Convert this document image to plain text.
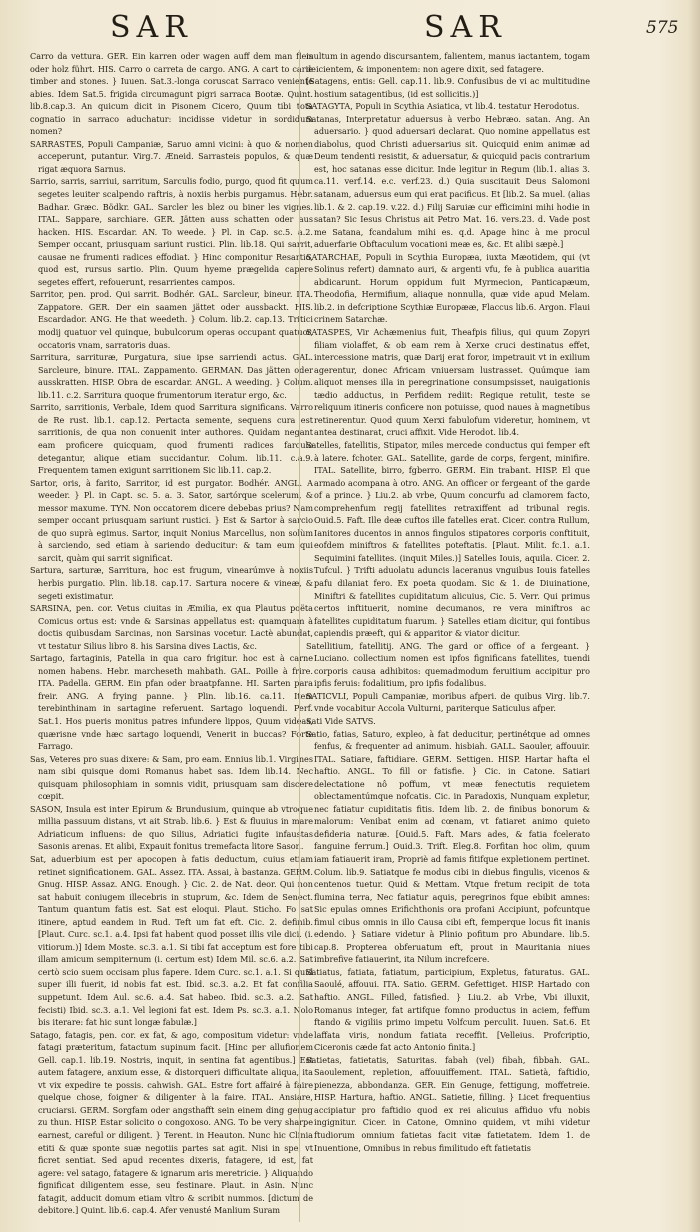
SAR	SAR	575

Carro da vettura. GER. Ein karren oder wagen auff dem man fleis oder holz führt. HIS. Carro o carreta de cargo. ANG. A cart to carie timber and stones. } Iuuen. Sat.3.-longa coruscat Sarraco veniente abies. Idem Sat.5. frigida circumagunt pigri sarraca Bootæ. Quint. lib.8.cap.3. An quicum dicit in Pisonem Cicero, Quum tibi tota cognatio in sarraco aduchatur: incidisse videtur in sordidum nomen?

SARRASTES, Populi Campaniæ, Saruo amni vicini: à quo & nomen acceperunt, putantur. Virg.7. Æneid. Sarrasteis populos, & quæ rigat æquora Sarnus.

Sarrio, sarris, sarriui, sarritum, Sarculis fodio, purgo, quod fit quum segetes leuiter scalpendo raftris, à noxiis herbis purgamus. Hebr. Badhar. Græc. Bödkr. GAL. Sarcler les blez ou biner les vignes. ITAL. Sappare, sarchiare. GER. Jätten auss schatten oder aus hacken. HIS. Escardar. AN. To weede. } Pl. in Cap. sc.5. a.2. Semper occant, priusquam sariunt rustici. Plin. lib.18. Qui sarrit, causae ne frumenti radices effodiat. } Hinc componitur Resartio, quod est, rursus sartio. Plin. Quum hyeme prægelida capere segetes effert, refouerunt, resarrientes campos.

Sarritor, pen. prod. Qui sarrit. Bodhér. GAL. Sarcleur, bineur. ITA. Zappatore. GER. Der ein saamen jättet oder aussbackt. HIS. Escardador. ANG. He that weedeth. } Colum. lib.2. cap.13. Tritici modij quatuor vel quinque, bubulcorum operas occupant quatuor, occatoris vnam, sarratoris duas.

Sarritura, sarrituræ, Purgatura, siue ipse sarriendi actus. GAL. Sarcleure, binure. ITAL. Zappamento. GERMAN. Das jätten oder ausskratten. HISP. Obra de escardar. ANGL. A weeding. } Colum. lib.11. c.2. Sarritura quoque frumentorum iteratur ergo, &c.

Sarrito, sarritionis, Verbale, Idem quod Sarritura significans. Varro de Re rust. lib.1. cap.12. Pertacta semente, sequens cura est sarritionis, de qua non conuenit inter authores. Quidam negant eam proficere quicquam, quod frumenti radices farculo detegantur, alique etiam succidantur. Colum. lib.11. c.a.9. Frequentem tamen exigunt sarritionem Sic lib.11. cap.2.

Sartor, oris, à farito, Sarritor, id est purgator. Bodhér. ANGL. A weeder. } Pl. in Capt. sc. 5. a. 3. Sator, sartórque scelerum, & messor maxume. TYN. Non occatorem dicere debebas prius? Nam semper occant priusquam sariunt rustici. } Est & Sartor à sarcio de quo suprà egimus. Sartor, inquit Nonius Marcellus, non solùm à sarciendo, sed etiam à sariendo deducitur: & tam eum qui sarcit, quàm qui sarrit significat.

Sartura, sarturæ, Sarritura, hoc est frugum, vinearúmve à noxiis herbis purgatio. Plin. lib.18. cap.17. Sartura nocere & vineæ, & segeti existimatur.

SARSINA, pen. cor. Vetus ciuitas in Æmilia, ex qua Plautus poëta Comicus ortus est: vnde & Sarsinas appellatus est: quamquam à doctis quibusdam Sarcinas, non Sarsinas vocetur. Lactè abundat, vt testatur Silius libro 8. his Sarsina dives Lactis, &c.

Sartago, fartaginis, Patella in qua caro frigitur. hoc est à carne nomen habens. Hebr. marcheseth mahbath. GAL. Poille à frire. ITA. Padella. GERM. Ein pfan oder braatpfanne. HI. Sarten para freir. ANG. A frying panne. } Plin. lib.16. ca.11. Item terebinthinam in sartagine referuent. Sartago loquendi. Perf. Sat.1. Hos pueris monitus patres infundere lippos, Quum videas, quærisne vnde hæc sartago loquendi, Venerit in buccas? Forte Farrago.

Sas, Veteres pro suas dixere: & Sam, pro eam. Ennius lib.1. Virgines nam sibi quisque domi Romanus habet sas. Idem lib.14. Nec quisquam philosophiam in somnis vidit, priusquam sam discere cœpit.

SASON, Insula est inter Epirum & Brundusium, quinque ab vtroque millia passuum distans, vt ait Strab. lib.6. } Est & fluuius in mare Adriaticum influens: de quo Silius, Adriatici fugite infaustas Sasonis arenas. Et alibi, Expauit fonitus tremefacta litore Sason.

Sat, aduerbium est per apocopen à fatis deductum, cuius etiam retinet significationem. GAL. Assez. ITA. Assai, à bastanza. GERM. Gnug. HISP. Assaz. ANG. Enough. } Cic. 2. de Nat. deor. Qui non sat habuit coniugem illecebris in stuprum, &c. Idem de Senect. Tantum quantum fatis est. Sat est eloqui. Plaut. Sticho. Fo sat itinere, aptud eandem in Rud. Teft um fat eft. Cic. 2. definib. [Plaut. Curc. sc.1. a.4. Ipsi fat habent quod posset illis vile dici. (i. vitiorum.)] Idem Moste. sc.3. a.1. Si tibi fat acceptum est fore tibi illam amicum sempiternum (i. certum est) Idem Mil. sc.6. a.2. Sat certò scio suem occisam plus fapere. Idem Curc. sc.1. a.1. Si quid super illi fuerit, id nobis fat est. Ibid. sc.3. a.2. Et fat confilia suppetunt. Idem Aul. sc.6. a.4. Sat habeo. Ibid. sc.3. a.2. Sat fecisti) Ibid. sc.3. a.1. Vel legioni fat est. Idem Ps. sc.3. a.1. Nolo bis iterare: fat hic sunt longæ fabulæ.]

Satago, fatagis, pen. cor. ex fat, & ago, compositum videtur: vnde fatagi præteritum, fatactum supinum facit. [Hinc per allufionem Gell. cap.1. lib.19. Nostris, inquit, in sentina fat agentibus.] Est autem fatagere, anxium esse, & distorqueri difficultate aliqua, ita vt vix expedire te possis. cahwish. GAL. Estre fort affairé à faire quelque chose, foigner & diligenter à la faire. ITAL. Ansiare, cruciarsi. GERM. Sorgfam oder angsthafft sein einem ding genug zu thun. HISP. Estar solicito o congoxoso. ANG. To be very sharpe earnest, careful or diligent. } Terent. in Heauton. Nunc hic Clinia etiti & quæ sponte suæ negotiis partes sat agit. Nisi in spe, vt ficret sentiat. Sed apud recentes dixeris, fatagere, id est, fat agere: vel satago, fatagere & ignarum aris meretricie. } Aliquando fignificat diligentem esse, seu festinare. Plaut. in Asin. Nunc fatagit, adducit domum etiam vltro & scribit nummos. [dictum de debitore.] Quint. lib.6. cap.4. Afer venusté Manlium Suram

multum in agendo discursantem, falientem, manus iactantem, togam deicientem, & imponentem: non agere dixit, sed fatagere.

[Satagens, entis: Gell. cap.11. lib.9. Confusibus de vi ac multitudine hostium satagentibus, (id est sollicitis.)]

SATAGYTA, Populi in Scythia Asiatica, vt lib.4. testatur Herodotus.

Satanas, Interpretatur aduersus à verbo Hebræo. satan. Ang. An aduersario. } quod aduersari declarat. Quo nomine appellatus est diabolus, quod Christi aduersarius sit. Quicquid enim animæ ad Deum tendenti resistit, & aduersatur, & quicquid pacis contrarium est, hoc satanas esse dicitur. Inde legitur in Regum (lib.1. alias 3. ca.11. verf.14. e.c. verf.23. d.) Quia suscitauit Deus Salomoni satanam, aduersus eum qui erat pacificus. Et [lib.2. Sa muel. (alias lib.1. & 2. cap.19. v.22. d.) Filij Saruiæ cur efficimini mihi hodie in satan? Sic Iesus Christus ait Petro Mat. 16. vers.23. d. Vade post me Satana, fcandalum mihi es. q.d. Apage hinc à me procul aduerfarie Obftaculum vocationi meæ es, &c. Et alibi sæpè.]

SATARCHAE, Populi in Scythia Europæa, iuxta Mæotidem, qui (vt Solinus refert) damnato auri, & argenti vfu, fe à publica auaritia abdicarunt. Horum oppidum fuit Myrmecion, Panticapæum, Theodofia, Hermifium, aliaque nonnulla, quæ vide apud Melam. lib.2. in defcriptione Scythiæ Europææ, Flaccus lib.6. Argon. Flaui crinem Satarchæ.

SATASPES, Vir Achæmenius fuit, Theafpis filius, qui quum Zopyri filiam violaffet, & ob eam rem à Xerxe cruci destinatus effet, intercessione matris, quæ Darij erat foror, impetrauit vt in exilium agerentur, donec Africam vniuersam lustrasset. Quúmque iam aliquot menses illa in peregrinatione consumpsisset, nauigationis tædio adductus, in Perfidem rediit: Regique retulit, teste se reliquum itineris conficere non potuisse, quod naues à magnetibus retinerentur. Quod quum Xerxi fabulofum videretur, hominem, vt antea destinarat, cruci affixit. Vide Herodot. lib.4.

Satelles, fatellitis, Stipator, miles mercede conductus qui femper eft à latere. fchoter. GAL. Satellite, garde de corps, fergent, minifire. ITAL. Satellite, birro, fgberro. GERM. Ein trabant. HISP. El que armado acompana à otro. ANG. An officer or fergeant of the garde of a prince. } Liu.2. ab vrbe, Quum concurfu ad clamorem facto, comprehenfum regij fatellites retraxiffent ad tribunal regis. Ouid.5. Faft. Ille deæ cuftos ille fatelles erat. Cicer. contra Rullum, Ianitores ducentos in annos fingulos stipatores corporis conftituit, eofdem miniftros & fatellites poteftatis. [Plaut. Milit. fc.1. a.1. Sequimini fatellites. (inquit Miles.)] Satelles Iouis, aquila. Cicer. 2. Tufcul. } Trifti aduolatu aduncis laceranus vnguibus Iouis fatelles pafu dilaniat fero. Ex poeta quodam. Sic & 1. de Diuinatione, Miniftri & fatellites cupiditatum alicuius, Cic. 5. Verr. Qui primus certos inftituerit, nomine decumanos, re vera miniftros ac fatellites cupiditatum fuarum. } Satelles etiam dicitur, qui fontibus capiendis præeft, qui & apparitor & viator dicitur.

Satellitium, fatellitij. ANG. The gard or office of a fergeant. } Luciano. collectium nomen est ipfos fignificans fatellites, tuendi corporis causa adhibitos: quemadmodum feruitium accipitur pro ipfis feruis: fodalitium, pro ipfis fodalibus.

SATICVLI, Populi Campaniæ, moribus afperi. de quibus Virg. lib.7. vnde vocabitur Accola Vulturni, pariterque Saticulus afper.

Sati Vide SATVS.

Satio, fatias, Saturo, expleo, à fat deducitur, pertinétque ad omnes fenfus, & frequenter ad animum. hisbiah. GALL. Saouler, affouuir. ITAL. Satiare, faftidiare. GERM. Settigen. HISP. Hartar hafta el haftio. ANGL. To fill or fatisfie. } Cic. in Catone. Satiari delectatione nô poffum, vt meæ fenectutis requietem oblectamentúmque nofcatis. Cic. in Paradoxis, Nunquam expletur, nec fatiatur cupiditatis fitis. Idem lib. 2. de finibus bonorum & malorum: Venibat enim ad cœnam, vt fatiaret animo quieto defideria naturæ. [Ouid.5. Faft. Mars ades, & fatia fcelerato fanguine ferrum.] Ouid.3. Trift. Eleg.8. Forfitan hoc olim, quum iam fatiauerit iram, Propriè ad famis fitifque expletionem pertinet. Colum. lib.9. Satiatque fe modus cibi in diebus fingulis, vicenos & centenos tuetur. Quid & Mettam. Vtque fretum recipit de tota flumina terra, Nec fatiatur aquis, peregrinos fque ebibit amnes: Sic epulas omnes Erifichthonis ora profani Accipiunt, pofcuntque fimul cibus omnis in illo Causa cibi eft, femperque locus fit inanis edendo. } Satiare videtur à Plinio pofitum pro Abundare. lib.5. cap.8. Propterea obferuatum eft, prout in Mauritania niues imbrefive fatiauerint, ita Nilum increfcere.

Satiatus, fatiata, fatiatum, participium, Expletus, faturatus. GAL. Saoulé, affouui. ITA. Satio. GERM. Gefettiget. HISP. Hartado con haftio. ANGL. Filled, fatisfied. } Liu.2. ab Vrbe, Vbi illuxit, Romanus integer, fat artifque fomno productus in aciem, feffum ftando & vigiliis primo impetu Volfcum perculit. Iuuen. Sat.6. Et laffata viris, nondum fatiata receffit. [Velleius. Profcriptio, Ciceronis cæde fat acto Antonio finita.]

Satietas, fatietatis, Saturitas. fabah (vel) fibah, fibbah. GAL. Saoulement, repletion, affouuiffement. ITAL. Satietà, faftidio, pienezza, abbondanza. GER. Ein Genuge, fettigung, moffetreie. HISP. Hartura, haftio. ANGL. Satietie, filling. } Licet frequentius accipiatur pro faftidio quod ex rei alicuius affiduo vfu nobis ingignitur. Cicer. in Catone, Omnino quidem, vt mihi videtur ftudiorum omnium fatietas facit vitæ fatietatem. Idem 1. de Inuentione, Omnibus in rebus fimilitudo eft fatietatis
